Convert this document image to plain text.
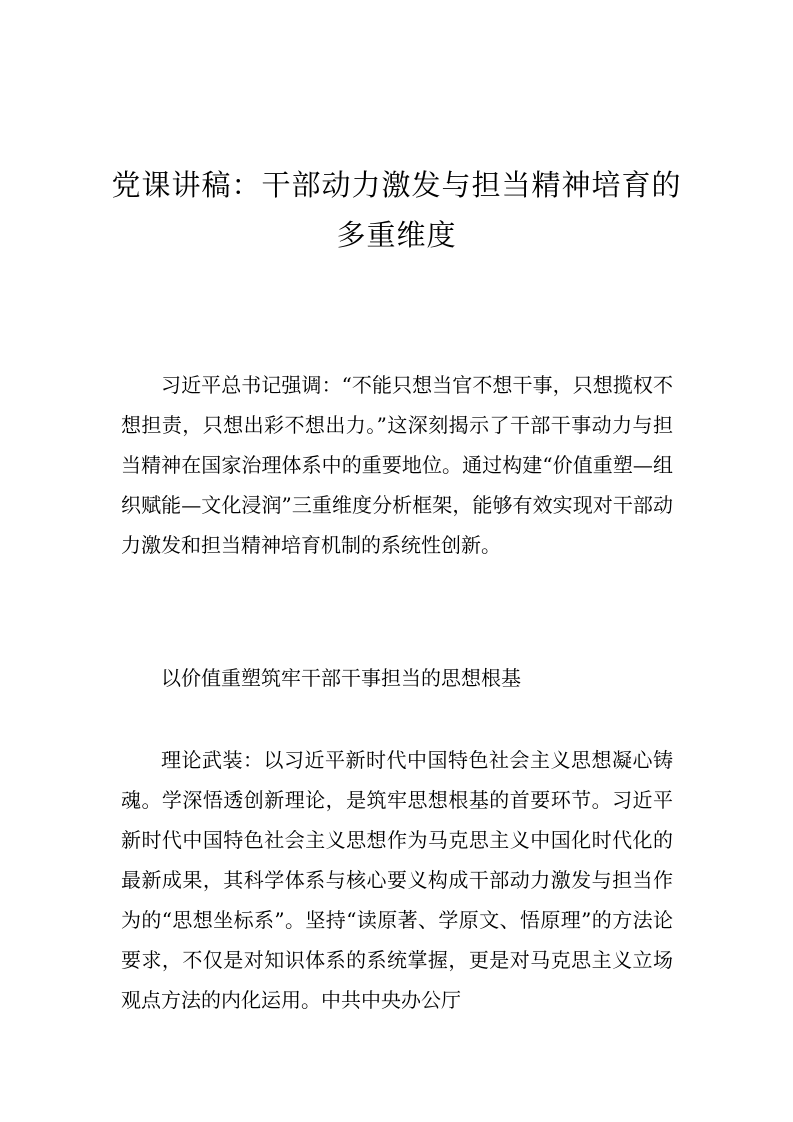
党课讲稿：干部动力激发与担当精神培育的
多重维度

习近平总书记强调：“不能只想当官不想干事，只想揽权不想担责，只想出彩不想出力。”这深刻揭示了干部干事动力与担当精神在国家治理体系中的重要地位。通过构建“价值重塑—组织赋能—文化浸润”三重维度分析框架，能够有效实现对干部动力激发和担当精神培育机制的系统性创新。

以价值重塑筑牢干部干事担当的思想根基

理论武装：以习近平新时代中国特色社会主义思想凝心铸魂。学深悟透创新理论，是筑牢思想根基的首要环节。习近平新时代中国特色社会主义思想作为马克思主义中国化时代化的最新成果，其科学体系与核心要义构成干部动力激发与担当作为的“思想坐标系”。坚持“读原著、学原文、悟原理”的方法论要求，不仅是对知识体系的系统掌握，更是对马克思主义立场观点方法的内化运用。中共中央办公厅
